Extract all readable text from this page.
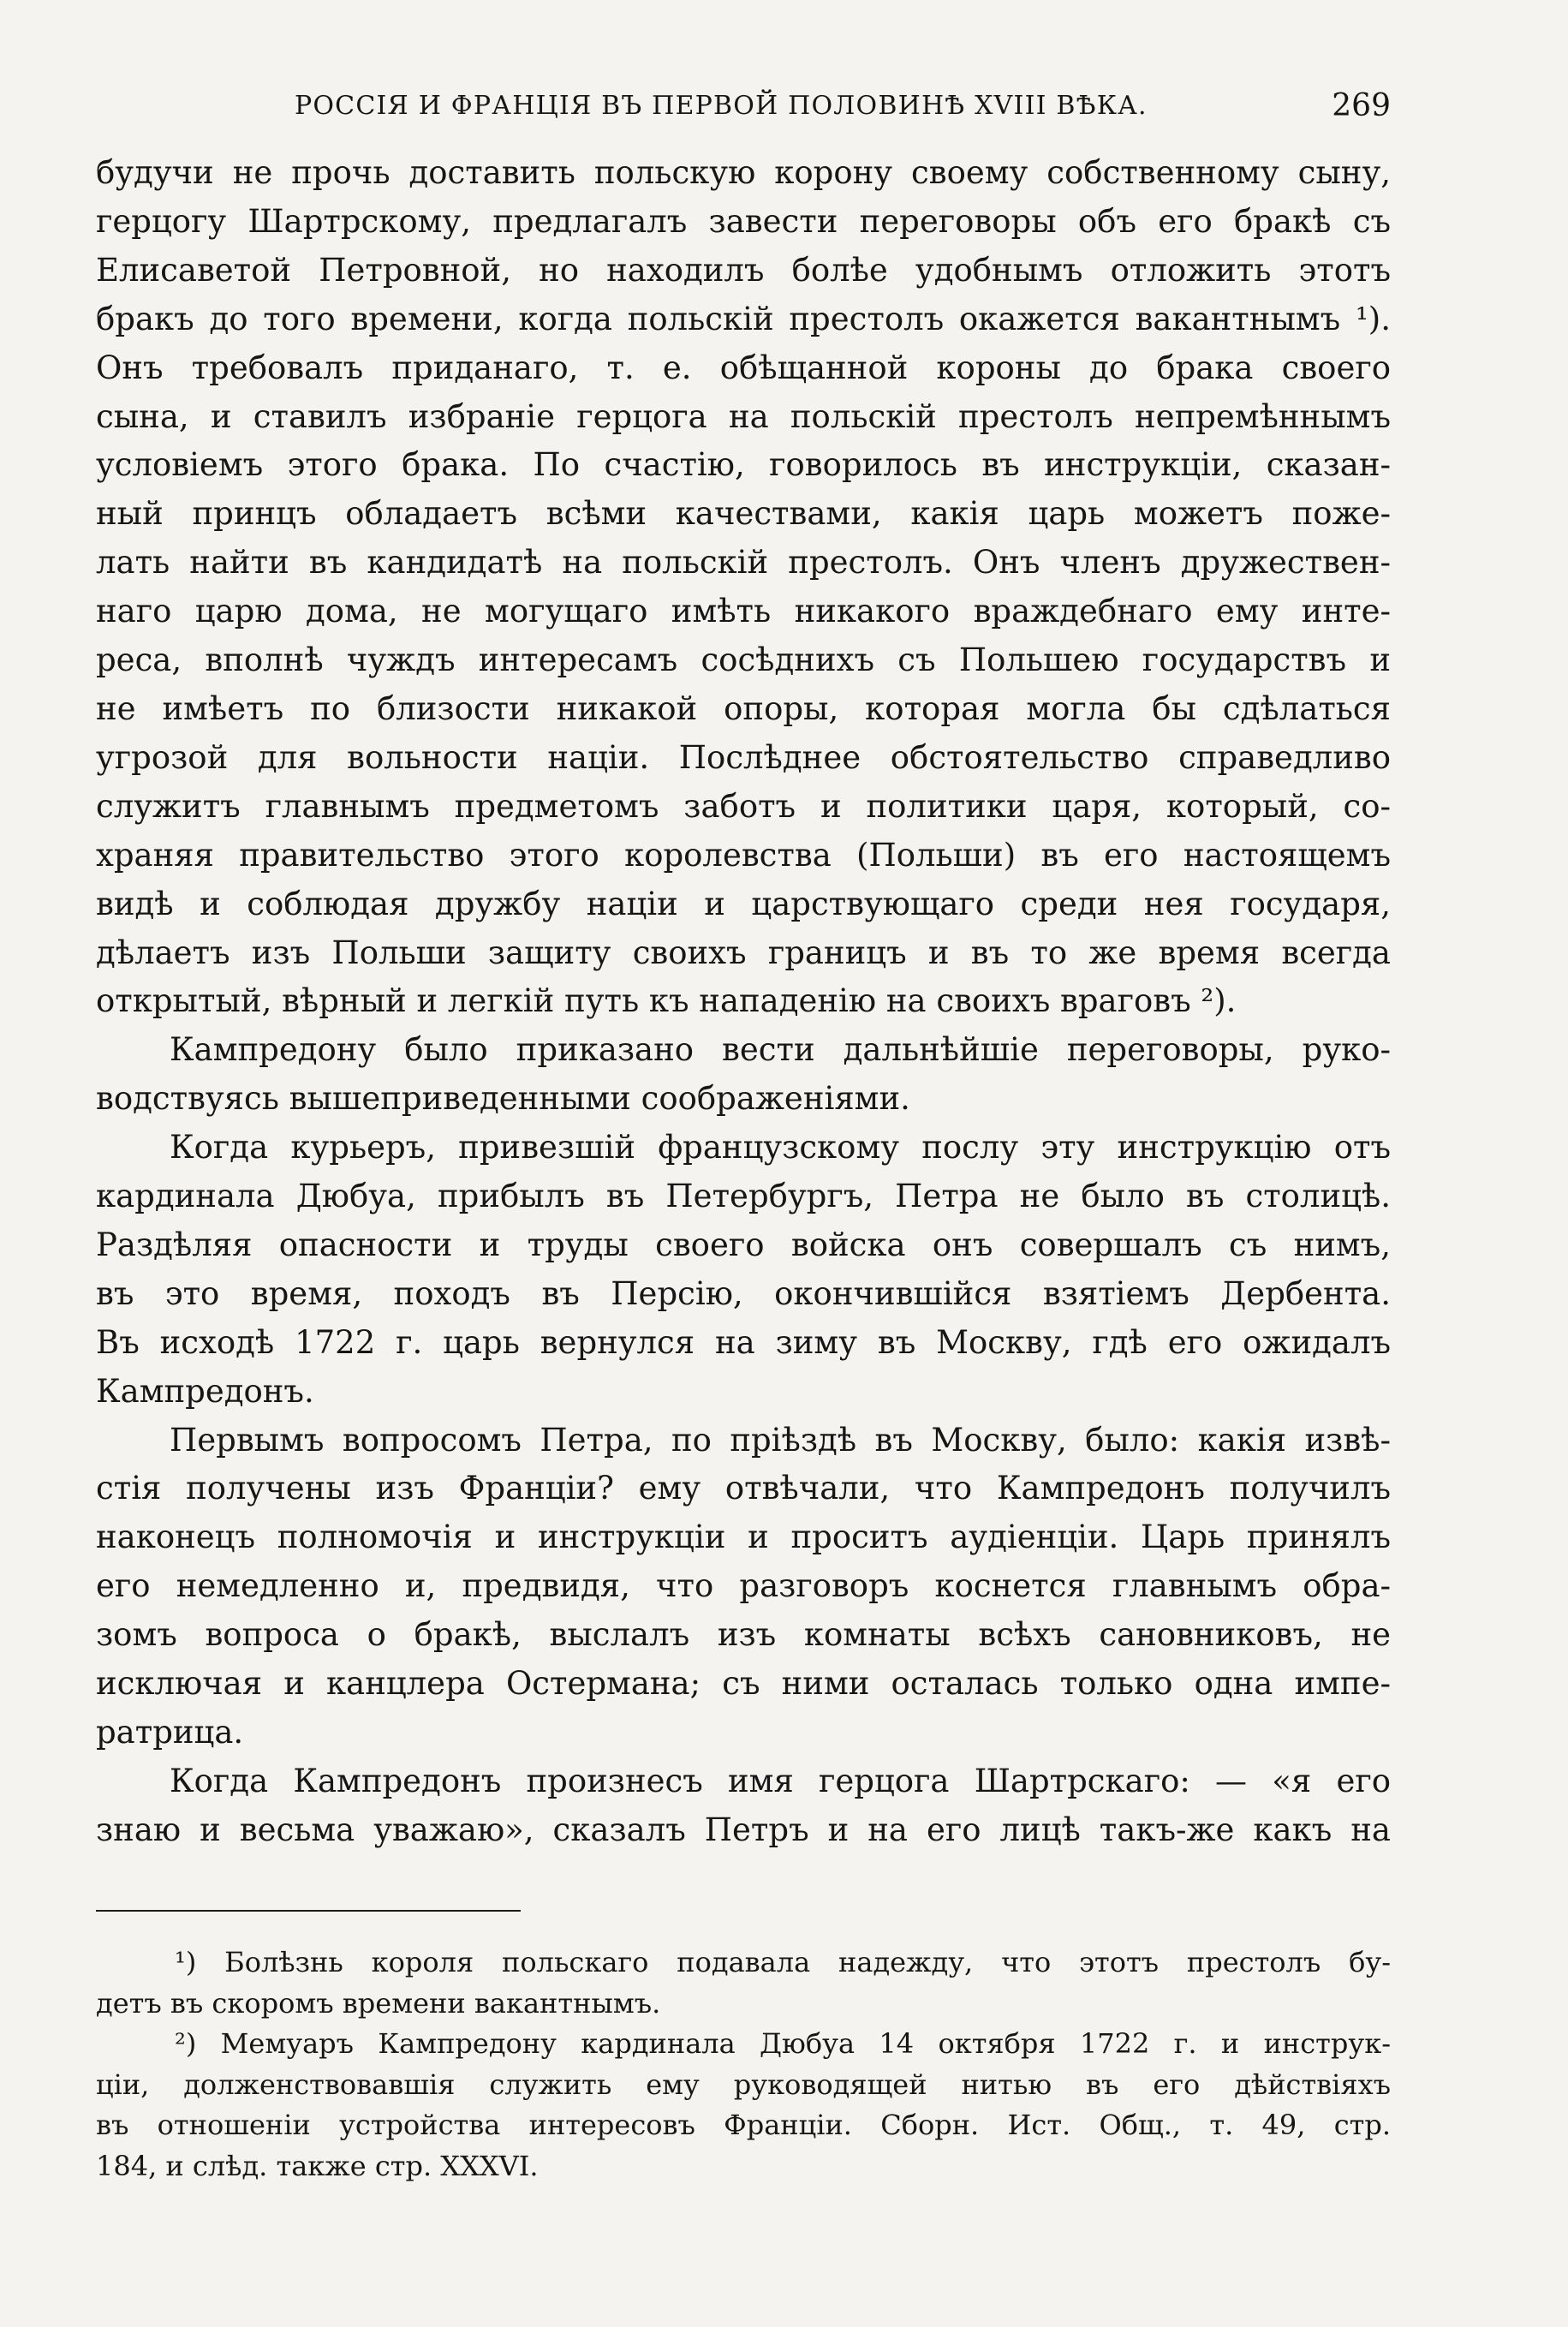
РОССІЯ И ФРАНЦІЯ ВЪ ПЕРВОЙ ПОЛОВИНѢ XVIII ВѢКА.	269

будучи не прочь доставить польскую корону своему собственному сыну,
герцогу Шартрскому, предлагалъ завести переговоры объ его бракѣ съ
Елисаветой Петровной, но находилъ болѣе удобнымъ отложить этотъ
бракъ до того времени, когда польскій престолъ окажется вакантнымъ ¹).
Онъ требовалъ приданаго, т. е. обѣщанной короны до брака своего
сына, и ставилъ избраніе герцога на польскій престолъ непремѣннымъ
условіемъ этого брака. По счастію, говорилось въ инструкціи, сказан-
ный принцъ обладаетъ всѣми качествами, какія царь можетъ поже-
лать найти въ кандидатѣ на польскій престолъ. Онъ членъ дружествен-
наго царю дома, не могущаго имѣть никакого враждебнаго ему инте-
реса, вполнѣ чуждъ интересамъ сосѣднихъ съ Польшею государствъ и
не имѣетъ по близости никакой опоры, которая могла бы сдѣлаться
угрозой для вольности націи. Послѣднее обстоятельство справедливо
служитъ главнымъ предметомъ заботъ и политики царя, который, со-
храняя правительство этого королевства (Польши) въ его настоящемъ
видѣ и соблюдая дружбу націи и царствующаго среди нея государя,
дѣлаетъ изъ Польши защиту своихъ границъ и въ то же время всегда
открытый, вѣрный и легкій путь къ нападенію на своихъ враговъ ²).

Кампредону было приказано вести дальнѣйшіе переговоры, руко-
водствуясь вышеприведенными соображеніями.

Когда курьеръ, привезшій французскому послу эту инструкцію отъ
кардинала Дюбуа, прибылъ въ Петербургъ, Петра не было въ столицѣ.
Раздѣляя опасности и труды своего войска онъ совершалъ съ нимъ,
въ это время, походъ въ Персію, окончившійся взятіемъ Дербента.
Въ исходѣ 1722 г. царь вернулся на зиму въ Москву, гдѣ его ожидалъ
Кампредонъ.

Первымъ вопросомъ Петра, по пріѣздѣ въ Москву, было: какія извѣ-
стія получены изъ Франціи? ему отвѣчали, что Кампредонъ получилъ
наконецъ полномочія и инструкціи и проситъ аудіенціи. Царь принялъ
его немедленно и, предвидя, что разговоръ коснется главнымъ обра-
зомъ вопроса о бракѣ, выслалъ изъ комнаты всѣхъ сановниковъ, не
исключая и канцлера Остермана; съ ними осталась только одна импе-
ратрица.

Когда Кампредонъ произнесъ имя герцога Шартрскаго: — «я его
знаю и весьма уважаю», сказалъ Петръ и на его лицѣ такъ-же какъ на

¹) Болѣзнь короля польскаго подавала надежду, что этотъ престолъ бу-
детъ въ скоромъ времени вакантнымъ.

²) Мемуаръ Кампредону кардинала Дюбуа 14 октября 1722 г. и инструк-
ціи, долженствовавшія служить ему руководящей нитью въ его дѣйствіяхъ
въ отношеніи устройства интересовъ Франціи. Сборн. Ист. Общ., т. 49, стр.
184, и слѣд. также стр. XXXVI.
